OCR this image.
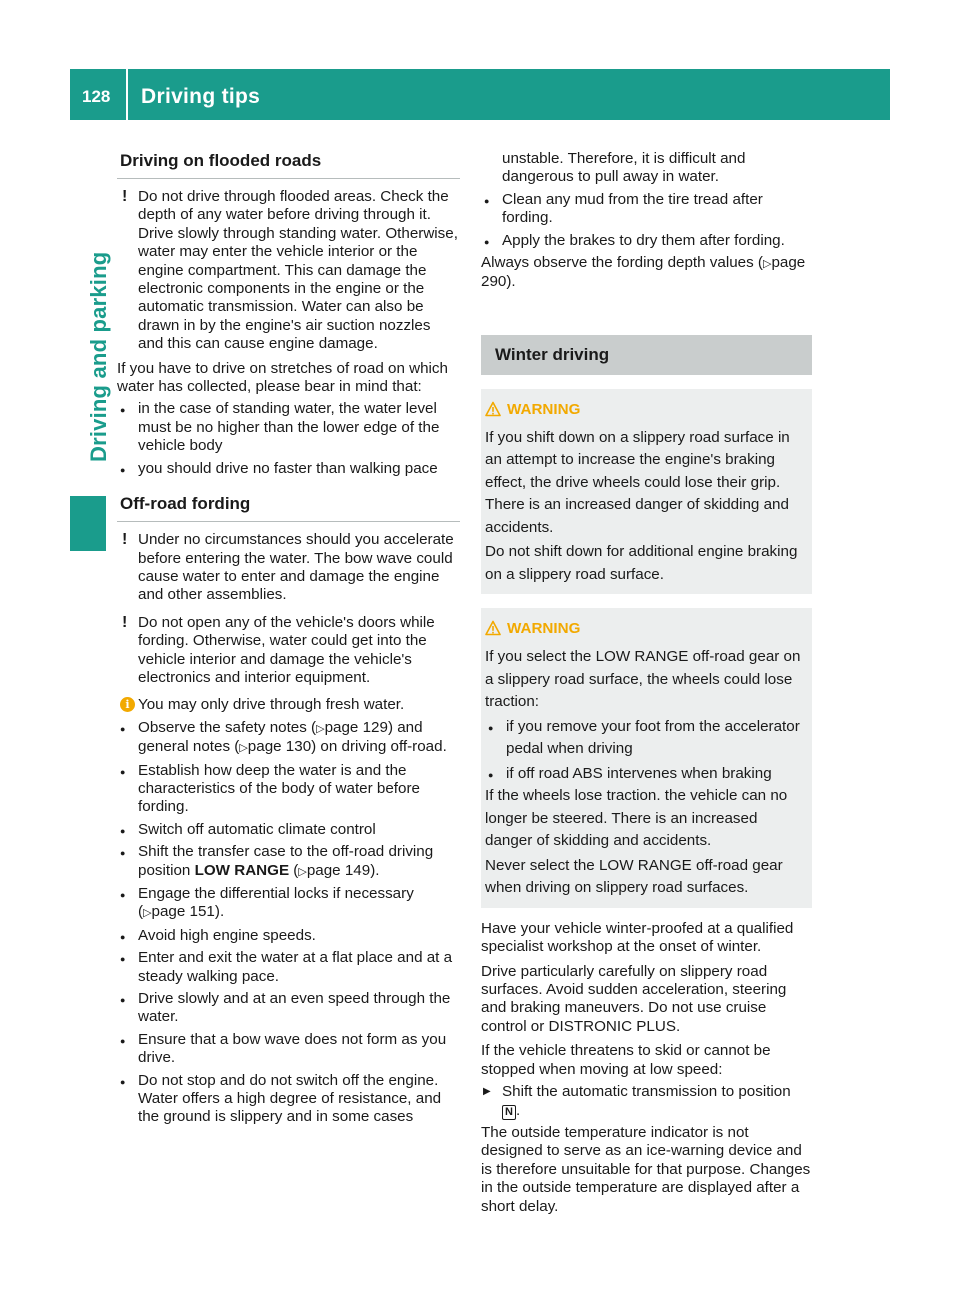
128 Driving tips
Driving and parking
Driving on flooded roads
! Do not drive through flooded areas. Check the depth of any water before driving through it. Drive slowly through standing water. Otherwise, water may enter the vehicle interior or the engine compartment. This can damage the electronic components in the engine or the automatic transmission. Water can also be drawn in by the engine's air suction nozzles and this can cause engine damage.

If you have to drive on stretches of road on which water has collected, please bear in mind that:

● in the case of standing water, the water level must be no higher than the lower edge of the vehicle body
● you should drive no faster than walking pace
Off-road fording
! Under no circumstances should you accelerate before entering the water. The bow wave could cause water to enter and damage the engine and other assemblies.

! Do not open any of the vehicle's doors while fording. Otherwise, water could get into the vehicle interior and damage the vehicle's electronics and interior equipment.

i You may only drive through fresh water.

● Observe the safety notes (▷page 129) and general notes (▷page 130) on driving off-road.
● Establish how deep the water is and the characteristics of the body of water before fording.
● Switch off automatic climate control
● Shift the transfer case to the off-road driving position LOW RANGE (▷page 149).
● Engage the differential locks if necessary (▷page 151).
● Avoid high engine speeds.
● Enter and exit the water at a flat place and at a steady walking pace.
● Drive slowly and at an even speed through the water.
● Ensure that a bow wave does not form as you drive.
● Do not stop and do not switch off the engine. Water offers a high degree of resistance, and the ground is slippery and in some cases

unstable. Therefore, it is difficult and dangerous to pull away in water.

● Clean any mud from the tire tread after fording.
● Apply the brakes to dry them after fording.

Always observe the fording depth values (▷page 290).

Winter driving
WARNING

If you shift down on a slippery road surface in an attempt to increase the engine's braking effect, the drive wheels could lose their grip. There is an increased danger of skidding and accidents.

Do not shift down for additional engine braking on a slippery road surface.

WARNING

If you select the LOW RANGE off-road gear on a slippery road surface, the wheels could lose traction:

● if you remove your foot from the accelerator pedal when driving
● if off road ABS intervenes when braking

If the wheels lose traction. the vehicle can no longer be steered. There is an increased danger of skidding and accidents.

Never select the LOW RANGE off-road gear when driving on slippery road surfaces.

Have your vehicle winter-proofed at a qualified specialist workshop at the onset of winter.

Drive particularly carefully on slippery road surfaces. Avoid sudden acceleration, steering and braking maneuvers. Do not use cruise control or DISTRONIC PLUS.

If the vehicle threatens to skid or cannot be stopped when moving at low speed:

▶ Shift the automatic transmission to position
N .

The outside temperature indicator is not designed to serve as an ice-warning device and is therefore unsuitable for that purpose. Changes in the outside temperature are displayed after a short delay.
